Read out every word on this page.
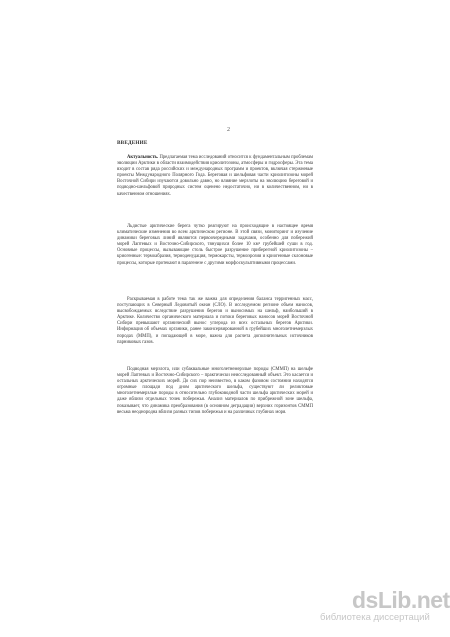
2
ВВЕДЕНИЕ

Актуальность. Предлагаемая тема исследований относится к фундаментальным проблемам эволюции Арктики в области взаимодействия криолитозоны, атмосферы и гидросферы. Эта тема входит в состав ряда российских и международных программ и проектов, включая стержневые проекты Международного Полярного Года. Береговая и шельфовая части криолитозоны морей Восточной Сибири изучаются довольно давно, но влияние мерзлоты на эволюцию береговой и подводно-шельфовой природных систем оценено недостаточно, ни в количественном, ни в качественном отношениях.

Льдистые арктические берега чутко реагируют на происходящие в настоящее время климатические изменения во всем арктическом регионе. В этой связи, мониторинг и изучение динамики береговых линий являются первоочередными задачами, особенно для побережий морей Лаптевых и Восточно-Сибирского, тянущихся более 10 км² грубейшей суши в год. Основные процессы, вызывающие столь быстрое разрушение приберегной криолитозоны – криогенные: термоабразия, термоденудация, термокарсты, термоэрозия и криогенные склоновые процессы, которые протекают в парагенезе с другими морфоскульптивными процессами.

Раскрываемая в работе тема так же важна для определения баланса терригенных масс, поступающих в Северный Ледовитый океан (СЛО). В исследуемом регионе объем наносов, высвобождаемых вследствие разрушения берегов и выносимых на шельф, наибольший в Арктике. Количество органического материала и потоки береговых наносов морей Восточной Сибири превышают органический вынос углерода из всех остальных берегов Арктики. Информация об объемах органики, ранее законсервированной в грубейших многолетнемерзлых породах (ММП), и попадающей в море, важна для расчета дополнительных источников парниковых газов.

Подводная мерзлота, или субаквальные многолетнемерзлые породы (СММП) на шельфе морей Лаптевых и Восточно-Сибирского – практически неисследованный объект. Это касается и остальных арктических морей. До сих пор неизвестно, в каком фазовом состоянии находятся огромные площади под дном арктического шельфа, существуют ли реликтовые многолетнемерзлые породы в относительно глубоководной части шельфа арктических морей и даже вблизи отдельных точек побережья. Анализ материалов по прибрежной зоне шельфа, показывает, что динамика преобразования (в основном деградации) верхних горизонтов СММП весьма неоднородна вблизи разных типов побережья и на различных глубинах моря.

dsLib.net
библиотека диссертаций
